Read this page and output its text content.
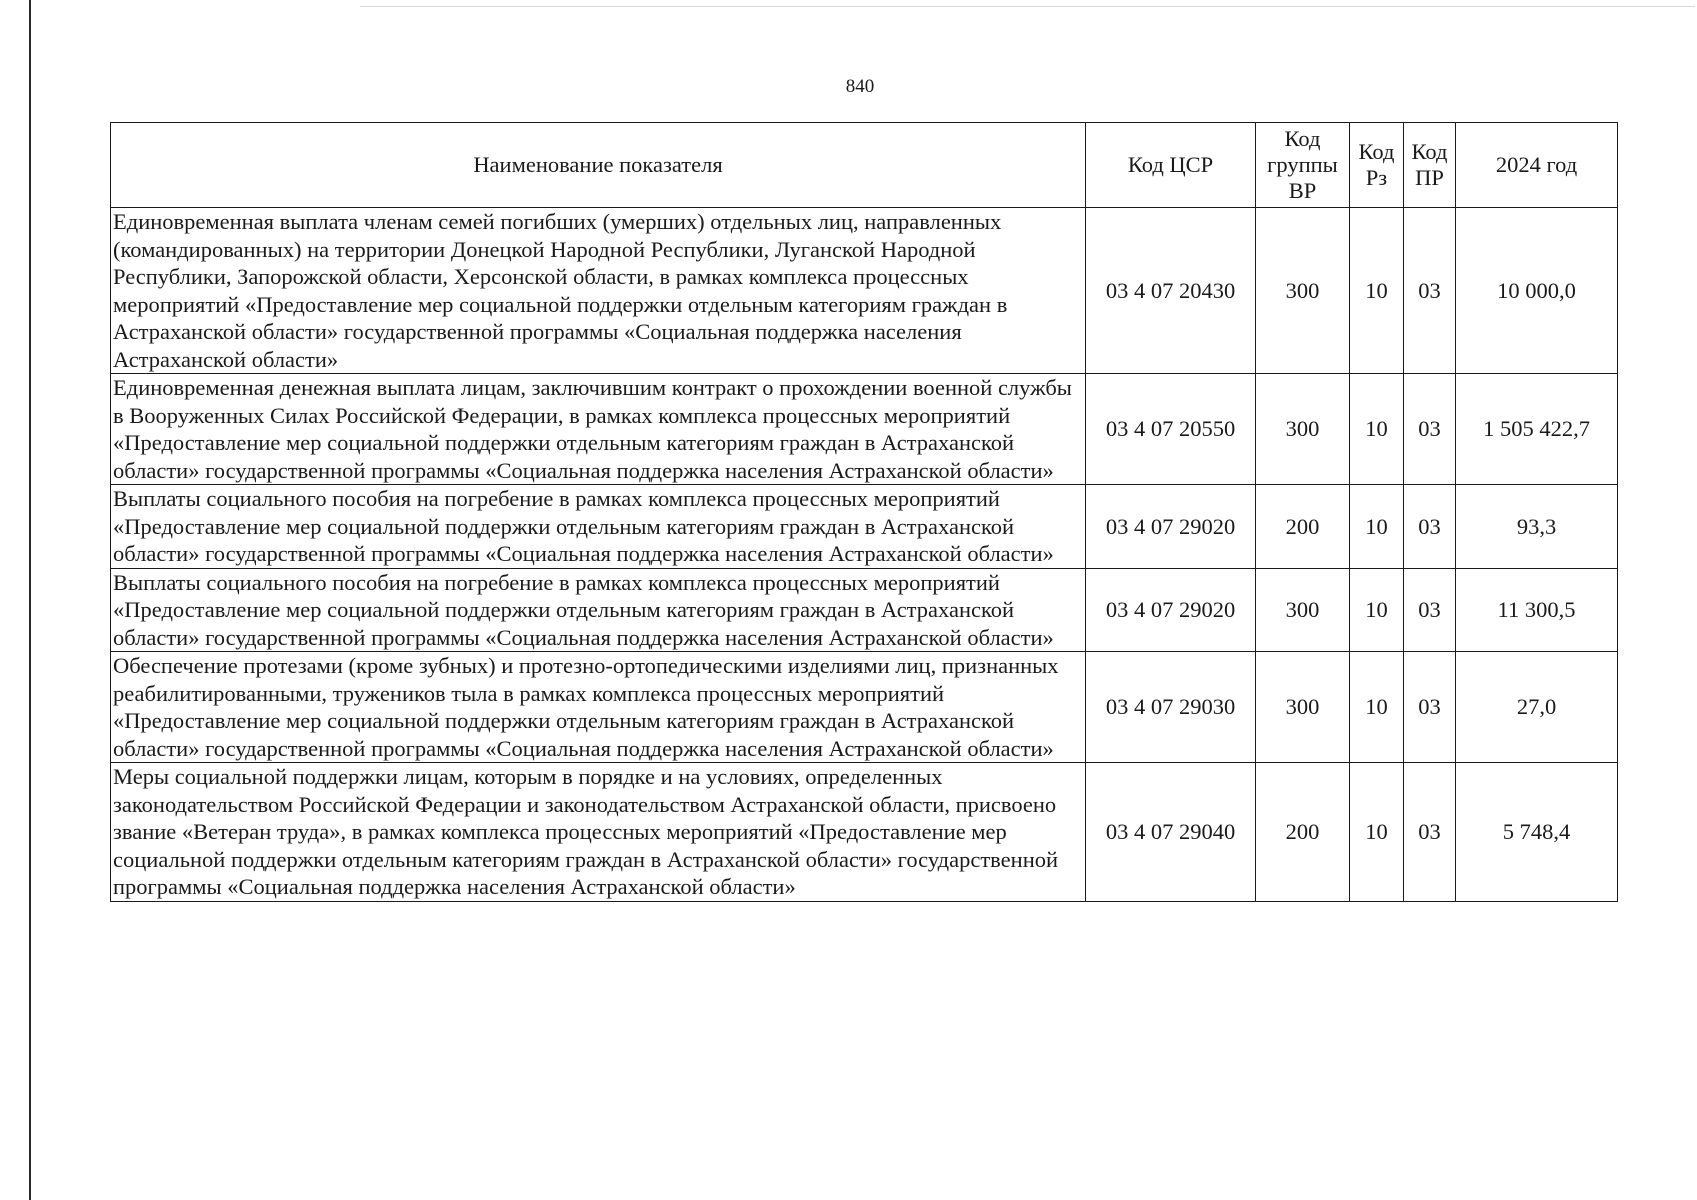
840
Наименование показателя	Код ЦСР	Код группы ВР	Код Рз	Код ПР	2024 год
Единовременная выплата членам семей погибших (умерших) отдельных лиц, направленных (командированных) на территории Донецкой Народной Республики, Луганской Народной Республики, Запорожской области, Херсонской области, в рамках комплекса процессных мероприятий «Предоставление мер социальной поддержки отдельным категориям граждан в Астраханской области» государственной программы «Социальная поддержка населения Астраханской области»	03 4 07 20430	300	10	03	10 000,0
Единовременная денежная выплата лицам, заключившим контракт о прохождении военной службы в Вооруженных Силах Российской Федерации, в рамках комплекса процессных мероприятий «Предоставление мер социальной поддержки отдельным категориям граждан в Астраханской области» государственной программы «Социальная поддержка населения Астраханской области»	03 4 07 20550	300	10	03	1 505 422,7
Выплаты социального пособия на погребение в рамках комплекса процессных мероприятий «Предоставление мер социальной поддержки отдельным категориям граждан в Астраханской области» государственной программы «Социальная поддержка населения Астраханской области»	03 4 07 29020	200	10	03	93,3
Выплаты социального пособия на погребение в рамках комплекса процессных мероприятий «Предоставление мер социальной поддержки отдельным категориям граждан в Астраханской области» государственной программы «Социальная поддержка населения Астраханской области»	03 4 07 29020	300	10	03	11 300,5
Обеспечение протезами (кроме зубных) и протезно-ортопедическими изделиями лиц, признанных реабилитированными, тружеников тыла в рамках комплекса процессных мероприятий «Предоставление мер социальной поддержки отдельным категориям граждан в Астраханской области» государственной программы «Социальная поддержка населения Астраханской области»	03 4 07 29030	300	10	03	27,0
Меры социальной поддержки лицам, которым в порядке и на условиях, определенных законодательством Российской Федерации и законодательством Астраханской области, присвоено звание «Ветеран труда», в рамках комплекса процессных мероприятий «Предоставление мер социальной поддержки отдельным категориям граждан в Астраханской области» государственной программы «Социальная поддержка населения Астраханской области»	03 4 07 29040	200	10	03	5 748,4
